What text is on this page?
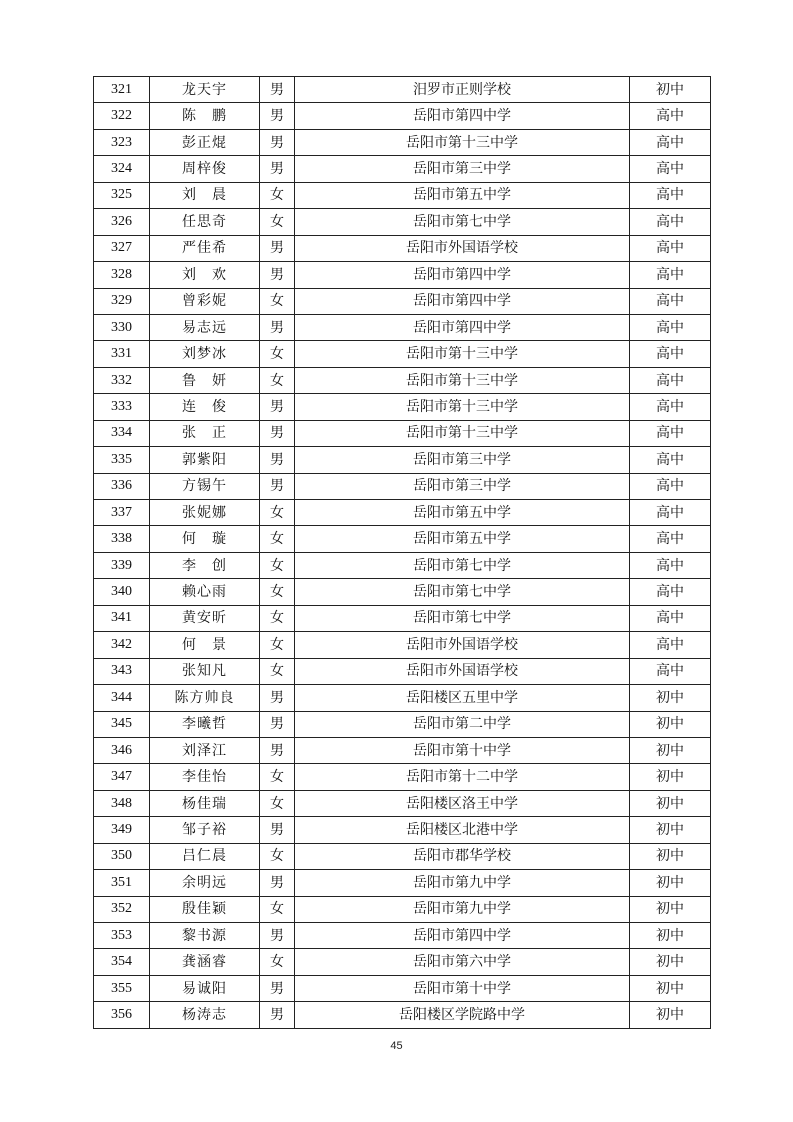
321	龙天宇	男	汨罗市正则学校	初中
322	陈　鹏	男	岳阳市第四中学	高中
323	彭正焜	男	岳阳市第十三中学	高中
324	周梓俊	男	岳阳市第三中学	高中
325	刘　晨	女	岳阳市第五中学	高中
326	任思奇	女	岳阳市第七中学	高中
327	严佳希	男	岳阳市外国语学校	高中
328	刘　欢	男	岳阳市第四中学	高中
329	曾彩妮	女	岳阳市第四中学	高中
330	易志远	男	岳阳市第四中学	高中
331	刘梦冰	女	岳阳市第十三中学	高中
332	鲁　妍	女	岳阳市第十三中学	高中
333	连　俊	男	岳阳市第十三中学	高中
334	张　正	男	岳阳市第十三中学	高中
335	郭紫阳	男	岳阳市第三中学	高中
336	方锡午	男	岳阳市第三中学	高中
337	张妮娜	女	岳阳市第五中学	高中
338	何　璇	女	岳阳市第五中学	高中
339	李　创	女	岳阳市第七中学	高中
340	赖心雨	女	岳阳市第七中学	高中
341	黄安昕	女	岳阳市第七中学	高中
342	何　景	女	岳阳市外国语学校	高中
343	张知凡	女	岳阳市外国语学校	高中
344	陈方帅良	男	岳阳楼区五里中学	初中
345	李曦哲	男	岳阳市第二中学	初中
346	刘泽江	男	岳阳市第十中学	初中
347	李佳怡	女	岳阳市第十二中学	初中
348	杨佳瑞	女	岳阳楼区洛王中学	初中
349	邹子裕	男	岳阳楼区北港中学	初中
350	吕仁晨	女	岳阳市郡华学校	初中
351	余明远	男	岳阳市第九中学	初中
352	殷佳颖	女	岳阳市第九中学	初中
353	黎书源	男	岳阳市第四中学	初中
354	龚涵睿	女	岳阳市第六中学	初中
355	易诚阳	男	岳阳市第十中学	初中
356	杨涛志	男	岳阳楼区学院路中学	初中
45
